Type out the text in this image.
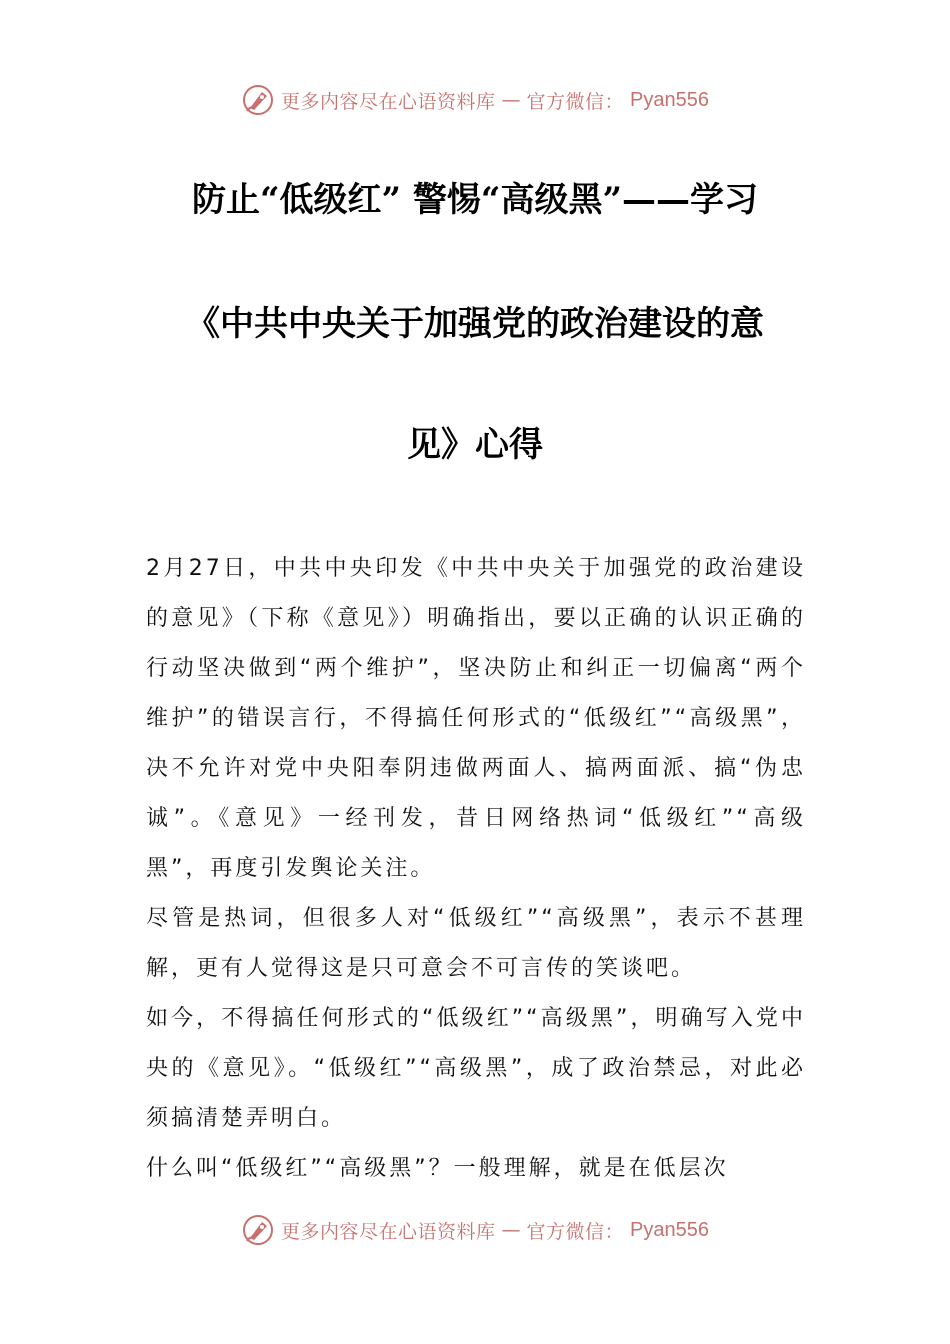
更多内容尽在心语资料库 — 官方微信： Pyan556
防止“低级红” 警惕“高级黑”——学习
《中共中央关于加强党的政治建设的意
见》心得

2月27日，中共中央印发《中共中央关于加强党的政治建设的意见》（下称《意见》）明确指出，要以正确的认识正确的行动坚决做到“两个维护”，坚决防止和纠正一切偏离“两个维护”的错误言行，不得搞任何形式的“低级红”“高级黑”，决不允许对党中央阳奉阴违做两面人、搞两面派、搞“伪忠诚”。《意见》一经刊发，昔日网络热词“低级红”“高级黑”，再度引发舆论关注。

尽管是热词，但很多人对“低级红”“高级黑”，表示不甚理解，更有人觉得这是只可意会不可言传的笑谈吧。

如今，不得搞任何形式的“低级红”“高级黑”，明确写入党中央的《意见》。“低级红”“高级黑”，成了政治禁忌，对此必须搞清楚弄明白。

什么叫“低级红”“高级黑”？一般理解，就是在低层次

更多内容尽在心语资料库 — 官方微信： Pyan556
